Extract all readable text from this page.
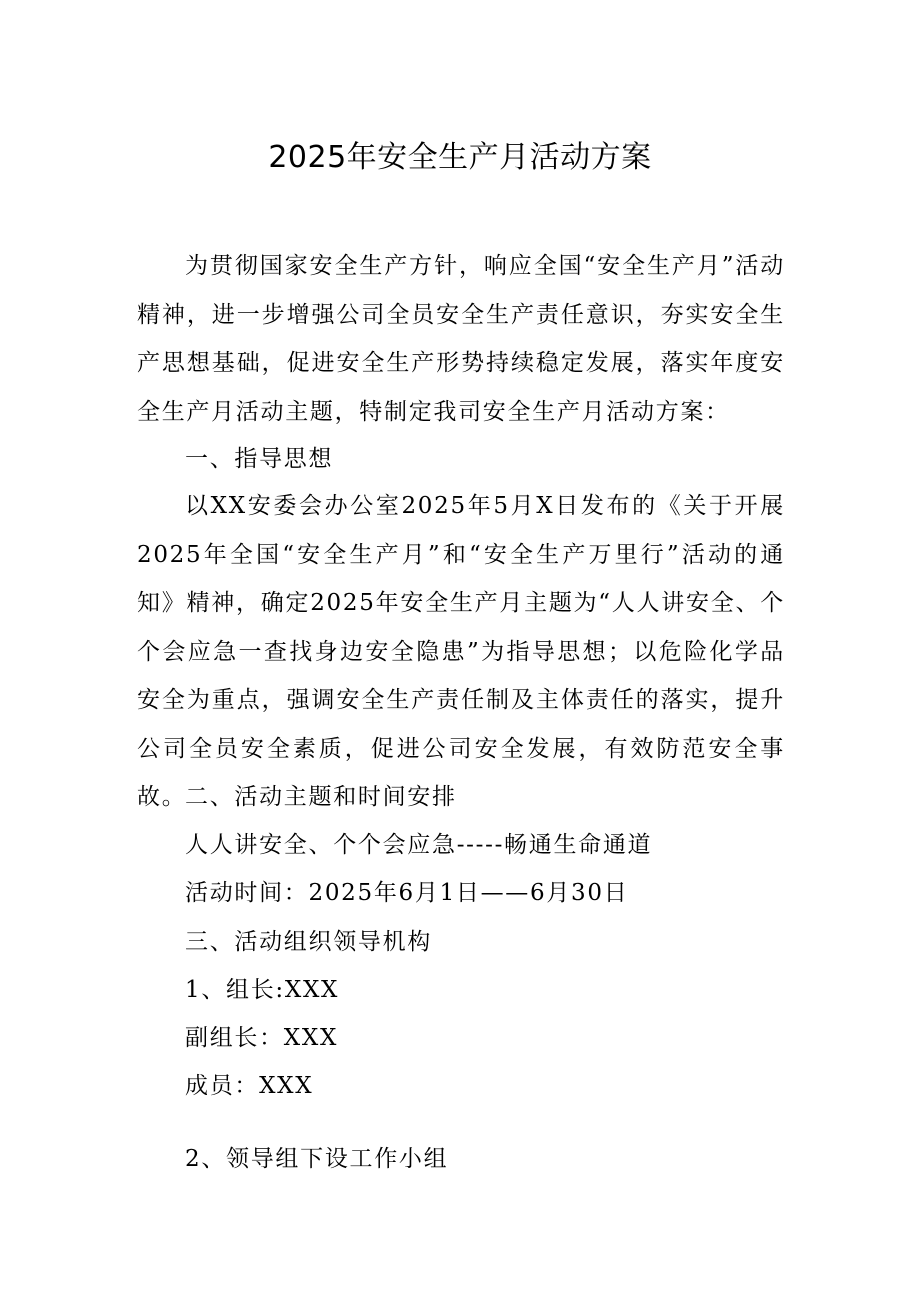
2025年安全生产月活动方案

为贯彻国家安全生产方针，响应全国“安全生产月”活动精神，进一步增强公司全员安全生产责任意识，夯实安全生产思想基础，促进安全生产形势持续稳定发展，落实年度安全生产月活动主题，特制定我司安全生产月活动方案：

一、指导思想

以XX安委会办公室2025年5月X日发布的《关于开展2025年全国“安全生产月”和“安全生产万里行”活动的通知》精神，确定2025年安全生产月主题为“人人讲安全、个个会应急一查找身边安全隐患”为指导思想；以危险化学品安全为重点，强调安全生产责任制及主体责任的落实，提升公司全员安全素质，促进公司安全发展，有效防范安全事故。

二、活动主题和时间安排

人人讲安全、个个会应急-----畅通生命通道

活动时间：2025年6月1日——6月30日

三、活动组织领导机构

1、组长:XXX

副组长：XXX

成员：XXX

2、领导组下设工作小组
